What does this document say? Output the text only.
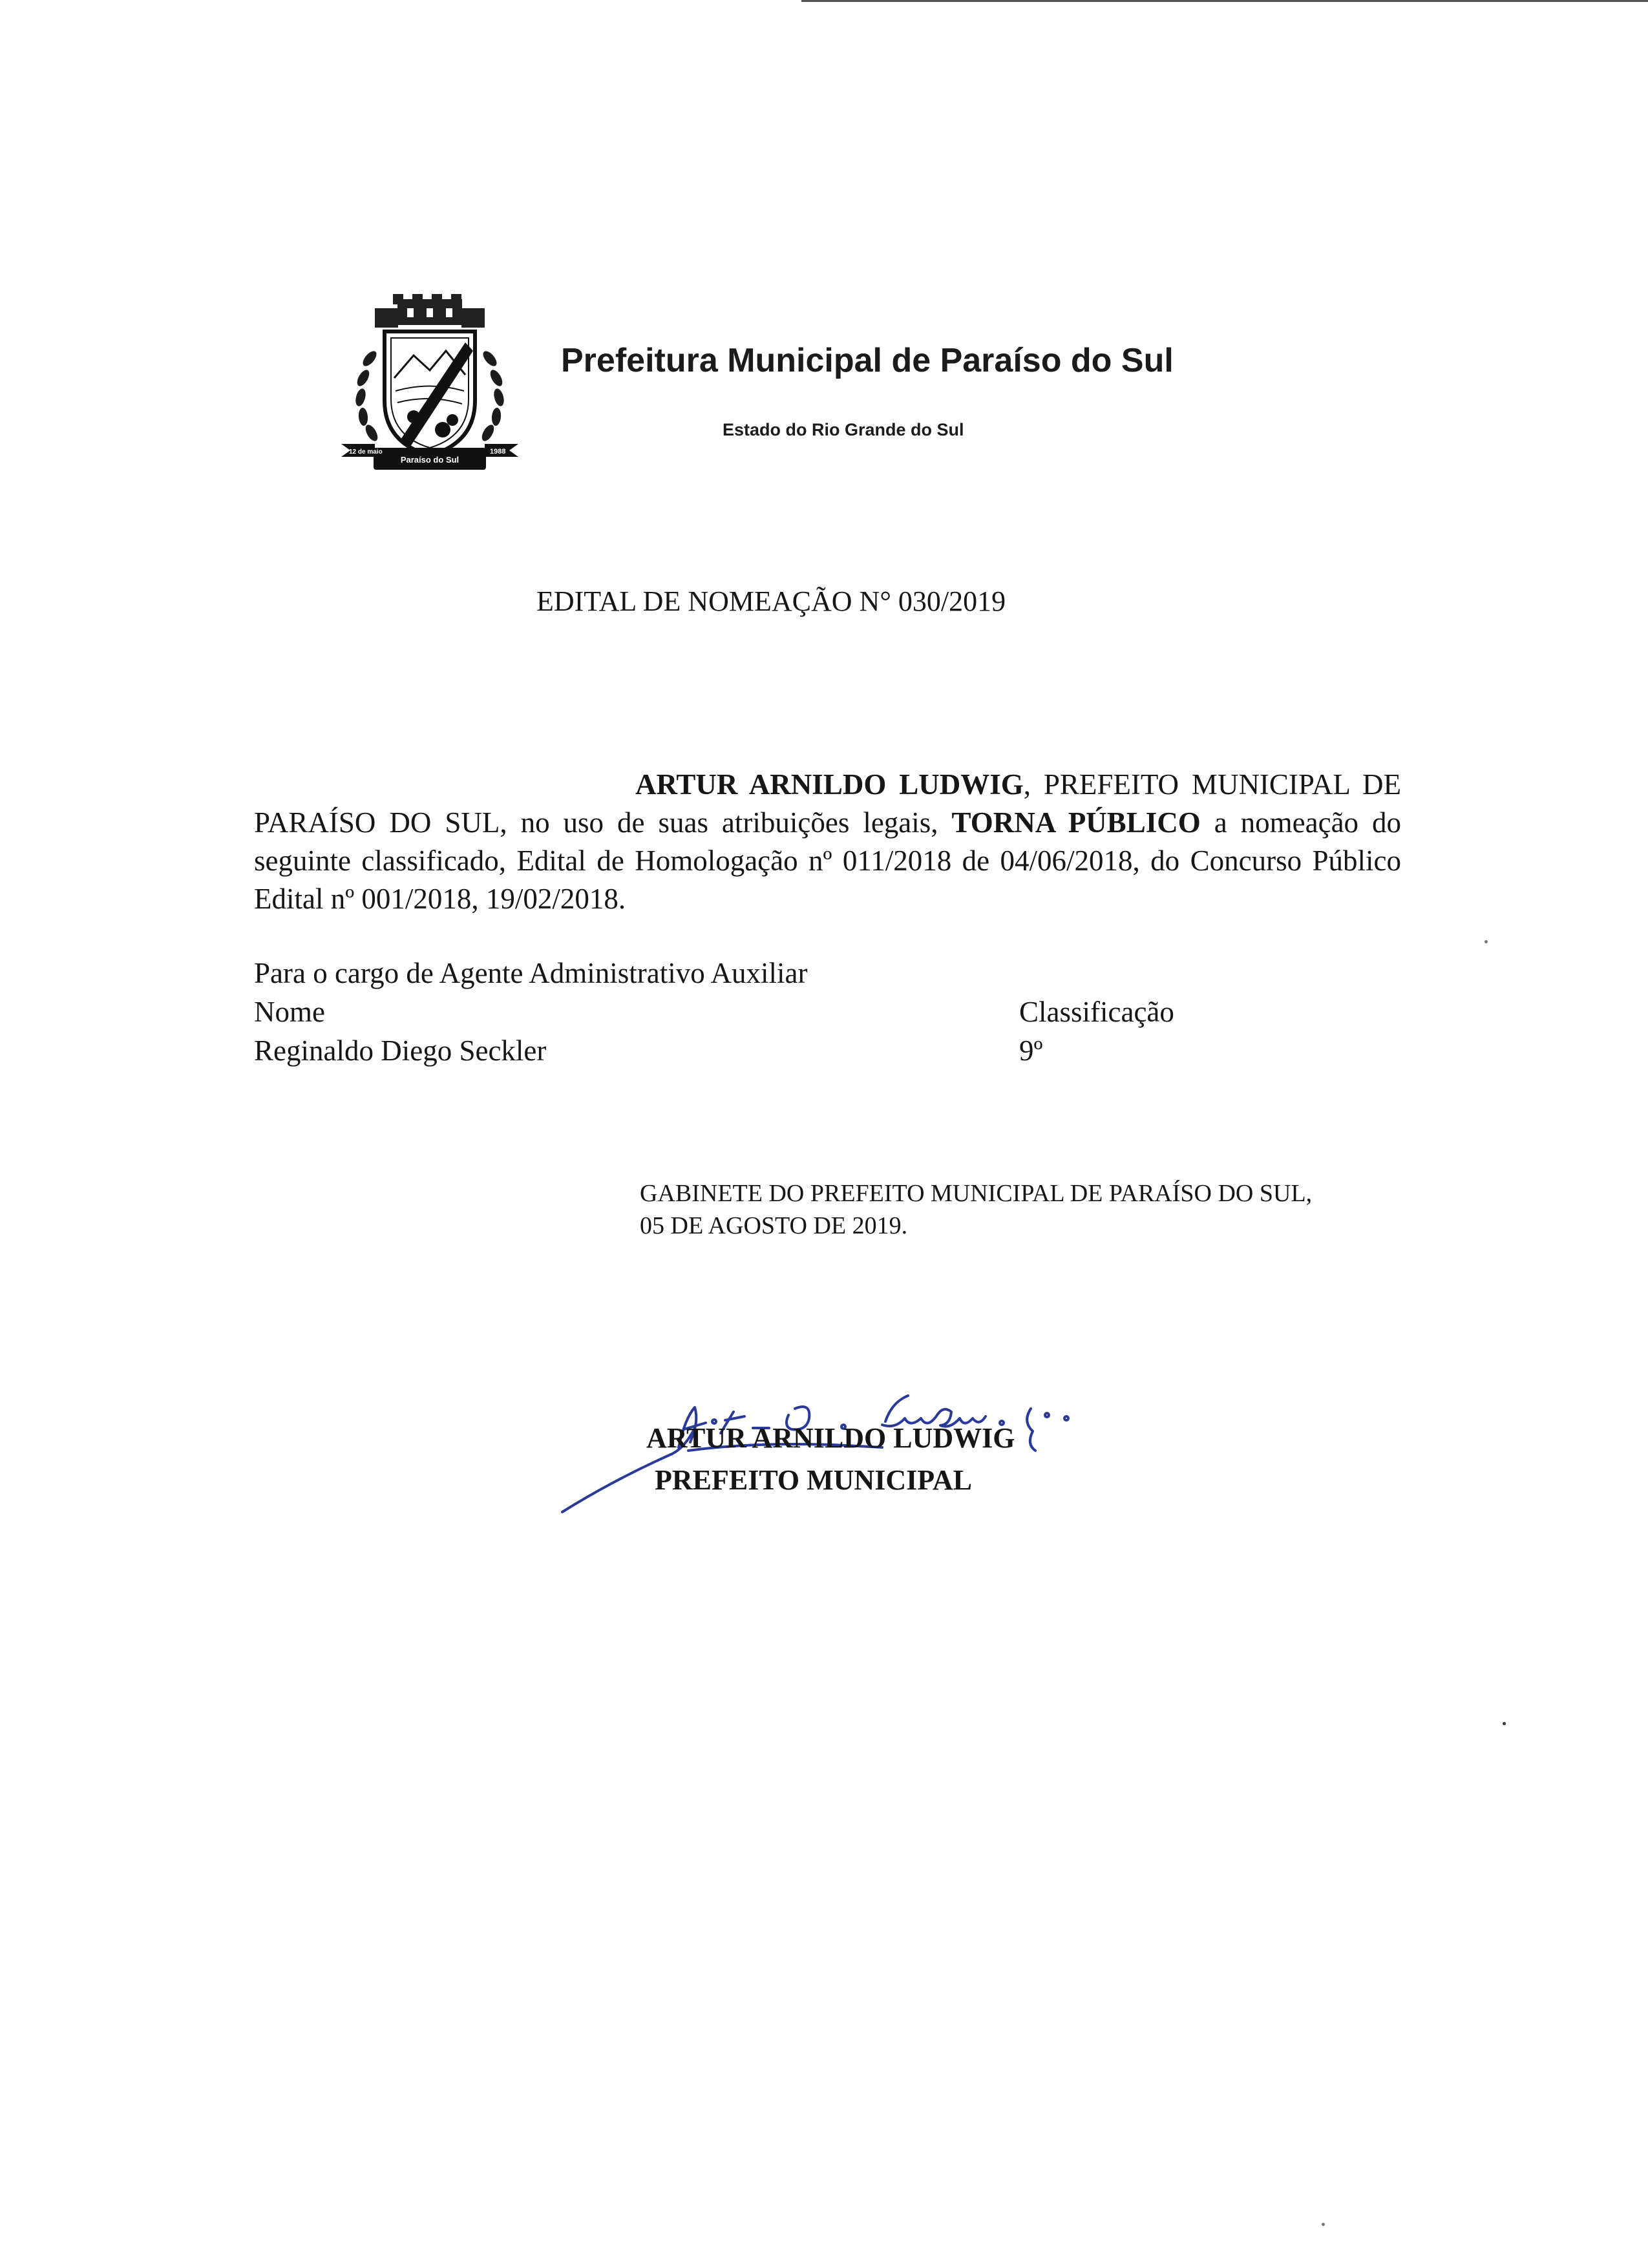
12 de maio	1988
Paraíso do Sul
Prefeitura Municipal de Paraíso do Sul
Estado do Rio Grande do Sul
EDITAL DE NOMEAÇÃO N° 030/2019
ARTUR ARNILDO LUDWIG, PREFEITO MUNICIPAL DE PARAÍSO DO SUL, no uso de suas atribuições legais, TORNA PÚBLICO a nomeação do seguinte classificado, Edital de Homologação nº 011/2018 de 04/06/2018, do Concurso Público Edital nº 001/2018, 19/02/2018.
Para o cargo de Agente Administrativo Auxiliar
Nome	Classificação
Reginaldo Diego Seckler	9º
GABINETE DO PREFEITO MUNICIPAL DE PARAÍSO DO SUL,
05 DE AGOSTO DE 2019.
ARTUR ARNILDO LUDWIG
PREFEITO MUNICIPAL
